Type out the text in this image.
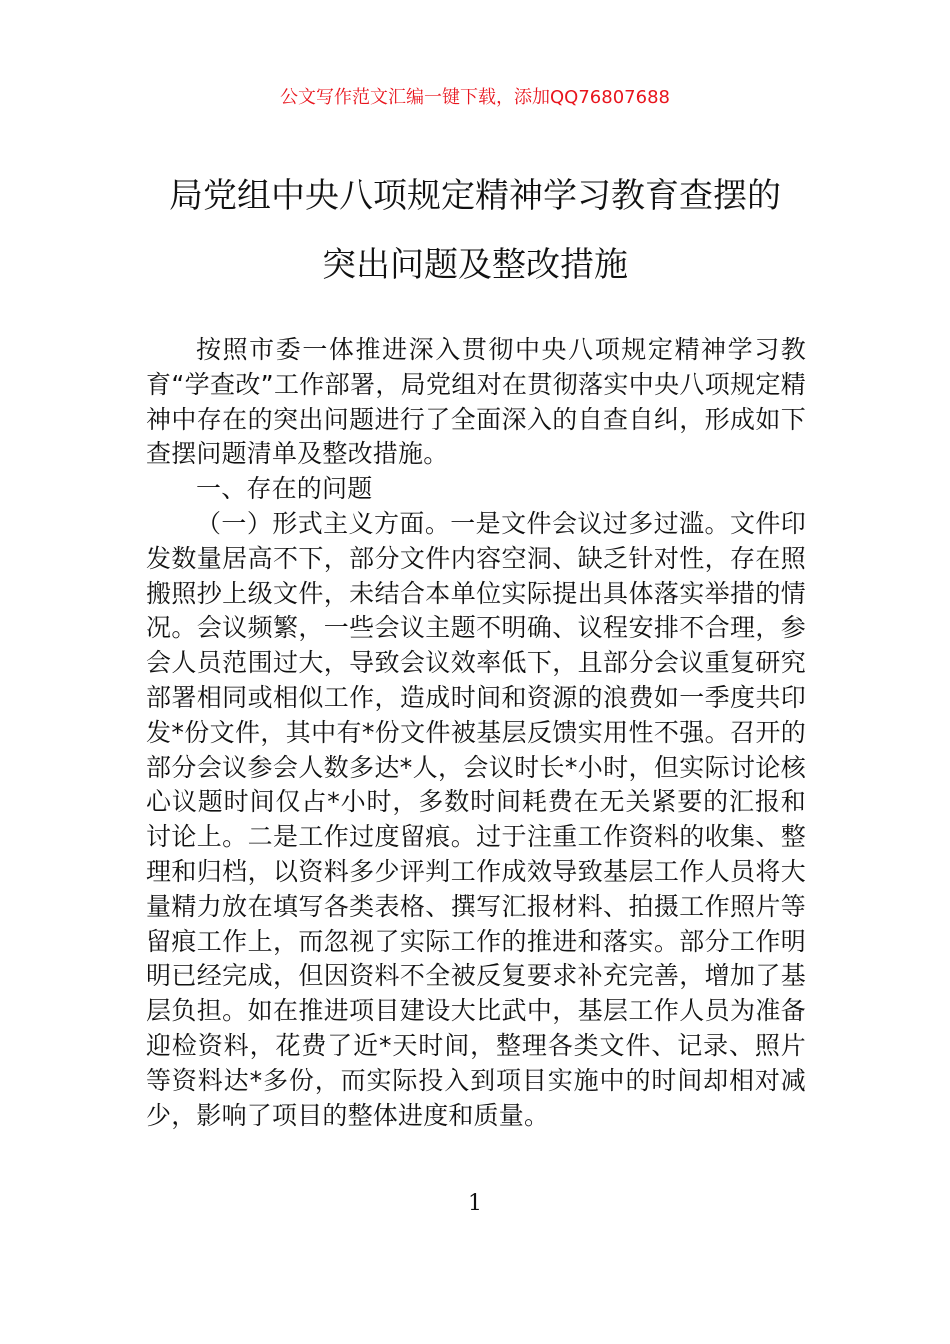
公文写作范文汇编一键下载，添加QQ76807688
局党组中央八项规定精神学习教育查摆的
突出问题及整改措施

按照市委一体推进深入贯彻中央八项规定精神学习教育“学查改”工作部署，局党组对在贯彻落实中央八项规定精神中存在的突出问题进行了全面深入的自查自纠，形成如下查摆问题清单及整改措施。

一、存在的问题

（一）形式主义方面。一是文件会议过多过滥。文件印发数量居高不下，部分文件内容空洞、缺乏针对性，存在照搬照抄上级文件，未结合本单位实际提出具体落实举措的情况。会议频繁，一些会议主题不明确、议程安排不合理，参会人员范围过大，导致会议效率低下，且部分会议重复研究部署相同或相似工作，造成时间和资源的浪费如一季度共印发*份文件，其中有*份文件被基层反馈实用性不强。召开的部分会议参会人数多达*人，会议时长*小时，但实际讨论核心议题时间仅占*小时，多数时间耗费在无关紧要的汇报和讨论上。二是工作过度留痕。过于注重工作资料的收集、整理和归档，以资料多少评判工作成效导致基层工作人员将大量精力放在填写各类表格、撰写汇报材料、拍摄工作照片等留痕工作上，而忽视了实际工作的推进和落实。部分工作明明已经完成，但因资料不全被反复要求补充完善，增加了基层负担。如在推进项目建设大比武中，基层工作人员为准备迎检资料，花费了近*天时间，整理各类文件、记录、照片等资料达*多份，而实际投入到项目实施中的时间却相对减少，影响了项目的整体进度和质量。

1
